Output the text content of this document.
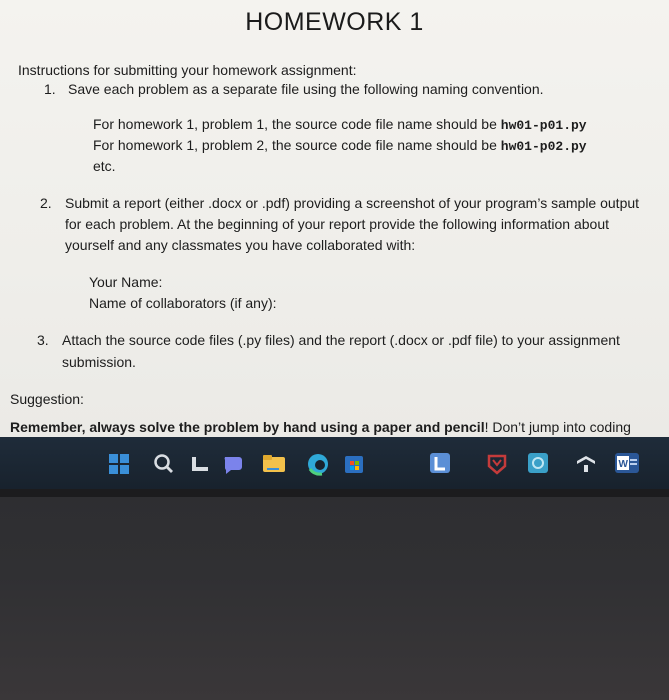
HOMEWORK 1
Instructions for submitting your homework assignment:
1. Save each problem as a separate file using the following naming convention.
For homework 1, problem 1, the source code file name should be hw01-p01.py
For homework 1, problem 2, the source code file name should be hw01-p02.py
etc.
2. Submit a report (either .docx or .pdf) providing a screenshot of your program’s sample output
for each problem. At the beginning of your report provide the following information about
yourself and any classmates you have collaborated with:
Your Name:
Name of collaborators (if any):
3. Attach the source code files (.py files) and the report (.docx or .pdf file) to your assignment
submission.
Suggestion:
Remember, always solve the problem by hand using a paper and pencil! Don’t jump into coding
W
